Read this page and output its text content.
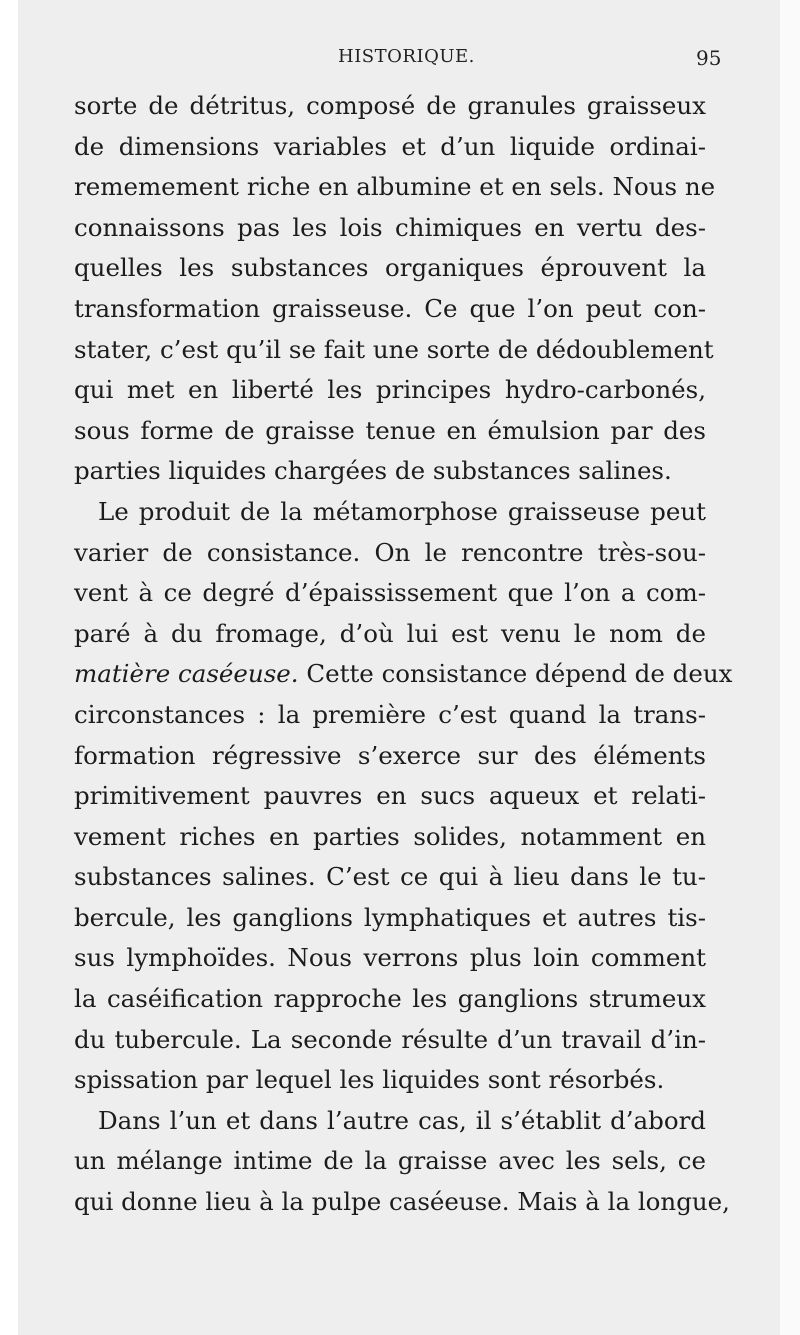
HISTORIQUE.	95
sorte de détritus, composé de granules graisseux
de dimensions variables et d’un liquide ordinai-
rememement riche en albumine et en sels. Nous ne
connaissons pas les lois chimiques en vertu des-
quelles les substances organiques éprouvent la
transformation graisseuse. Ce que l’on peut con-
stater, c’est qu’il se fait une sorte de dédoublement
qui met en liberté les principes hydro-carbonés,
sous forme de graisse tenue en émulsion par des
parties liquides chargées de substances salines.
Le produit de la métamorphose graisseuse peut
varier de consistance. On le rencontre très-sou-
vent à ce degré d’épaississement que l’on a com-
paré à du fromage, d’où lui est venu le nom de
matière caséeuse. Cette consistance dépend de deux
circonstances : la première c’est quand la trans-
formation régressive s’exerce sur des éléments
primitivement pauvres en sucs aqueux et relati-
vement riches en parties solides, notamment en
substances salines. C’est ce qui à lieu dans le tu-
bercule, les ganglions lymphatiques et autres tis-
sus lymphoïdes. Nous verrons plus loin comment
la caséification rapproche les ganglions strumeux
du tubercule. La seconde résulte d’un travail d’in-
spissation par lequel les liquides sont résorbés.
Dans l’un et dans l’autre cas, il s’établit d’abord
un mélange intime de la graisse avec les sels, ce
qui donne lieu à la pulpe caséeuse. Mais à la longue,
